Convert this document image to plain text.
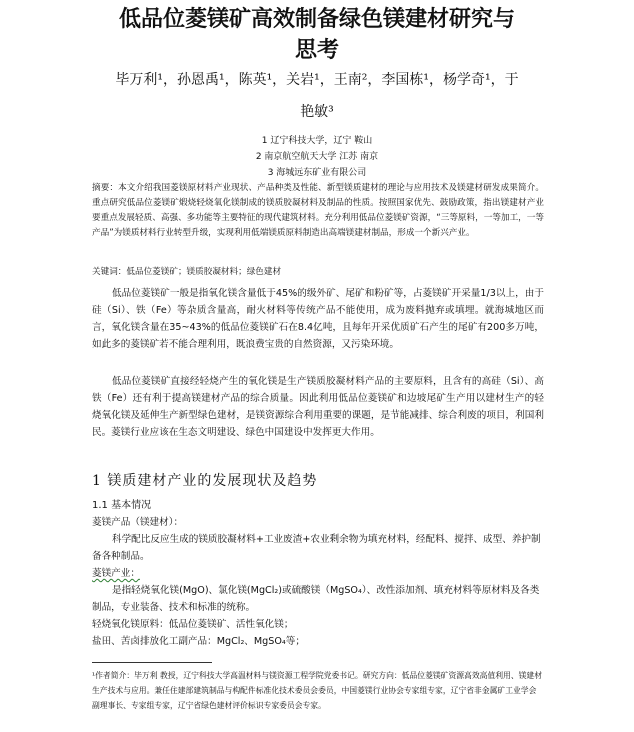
低品位菱镁矿高效制备绿色镁建材研究与
思考
毕万利¹，孙恩禹¹，陈英¹，关岩¹，王南²，李国栋¹，杨学奇¹，于
艳敏³
1 辽宁科技大学，辽宁 鞍山
2 南京航空航天大学 江苏 南京
3 海城远东矿业有限公司
摘要：本文介绍我国菱镁原材料产业现状、产品种类及性能、新型镁质建材的理论与应用技术及镁建材研发成果简介。重点研究低品位菱镁矿煅烧轻烧氧化镁制成的镁质胶凝材料及制品的性质。按照国家优先、鼓励政策，指出镁建材产业要重点发展轻质、高强、多功能等主要特征的现代建筑材料。充分利用低品位菱镁矿资源，“三等原料，一等加工，一等产品”为镁质材料行业转型升级，实现利用低端镁质原料制造出高端镁建材制品，形成一个新兴产业。
关键词：低品位菱镁矿；镁质胶凝材料；绿色建材
低品位菱镁矿一般是指氧化镁含量低于45%的级外矿、尾矿和粉矿等，占菱镁矿开采量1/3以上，由于硅（Si）、铁（Fe）等杂质含量高，耐火材料等传统产品不能使用，成为废料抛弃或填埋。就海城地区而言，氧化镁含量在35~43%的低品位菱镁矿石在8.4亿吨，且每年开采优质矿石产生的尾矿有200多万吨，如此多的菱镁矿若不能合理利用，既浪费宝贵的自然资源，又污染环境。
低品位菱镁矿直接经轻烧产生的氧化镁是生产镁质胶凝材料产品的主要原料，且含有的高硅（Si）、高铁（Fe）还有利于提高镁建材产品的综合质量。因此利用低品位菱镁矿和边坡尾矿生产用以建材生产的轻烧氧化镁及延伸生产新型绿色建材，是镁资源综合利用重要的课题，是节能减排、综合利废的项目，利国利民。菱镁行业应该在生态文明建设、绿色中国建设中发挥更大作用。
1 镁质建材产业的发展现状及趋势
1.1 基本情况
菱镁产品（镁建材）：
科学配比反应生成的镁质胶凝材料+工业废渣+农业剩余物为填充材料，经配料、搅拌、成型、养护制备各种制品。
菱镁产业：
是指轻烧氧化镁(MgO)、氯化镁(MgCl₂)或硫酸镁（MgSO₄）、改性添加剂、填充材料等原材料及各类制品，专业装备、技术和标准的统称。
轻烧氧化镁原料：低品位菱镁矿、活性氧化镁；
盐田、苦卤排放化工副产品：MgCl₂、MgSO₄等；
¹作者简介：毕万利 教授，辽宁科技大学高温材料与镁资源工程学院党委书记。研究方向：低品位菱镁矿资源高效高值利用、镁建材生产技术与应用。兼任住建部建筑制品与构配件标准化技术委员会委员，中国菱镁行业协会专家组专家，辽宁省非金属矿工业学会副理事长、专家组专家，辽宁省绿色建材评价标识专家委员会专家。
